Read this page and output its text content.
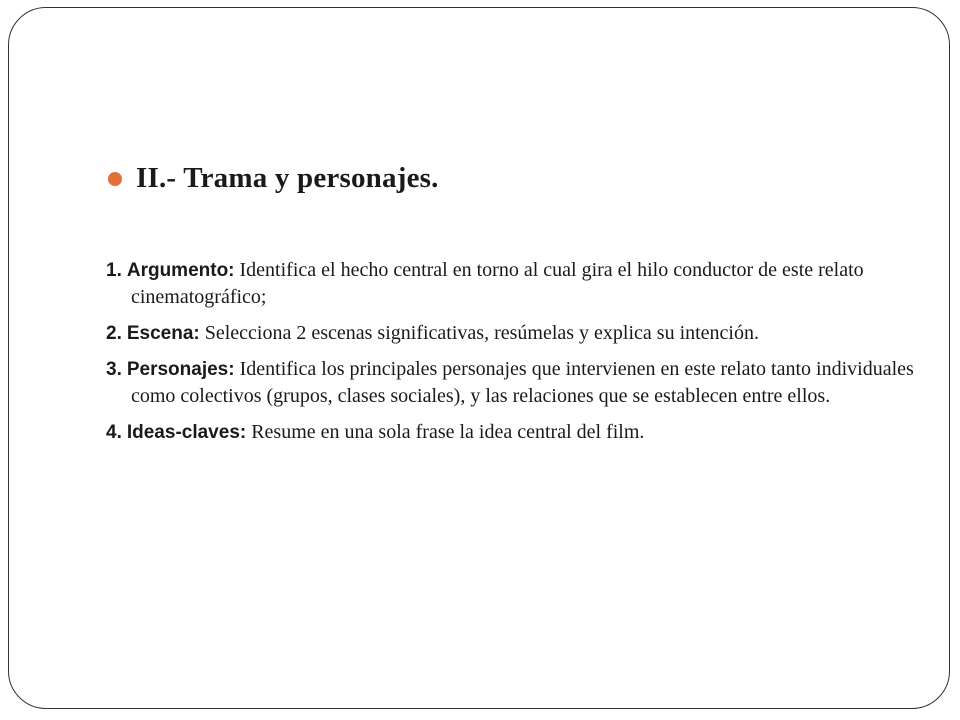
II.- Trama y personajes.
1. Argumento: Identifica el hecho central en torno al cual gira el hilo conductor de este relato cinematográfico;
2. Escena: Selecciona 2 escenas significativas, resúmelas y explica su intención.
3. Personajes: Identifica los principales personajes que intervienen en este relato tanto individuales como colectivos (grupos, clases sociales), y las relaciones que se establecen entre ellos.
4. Ideas-claves: Resume en una sola frase la idea central del film.
